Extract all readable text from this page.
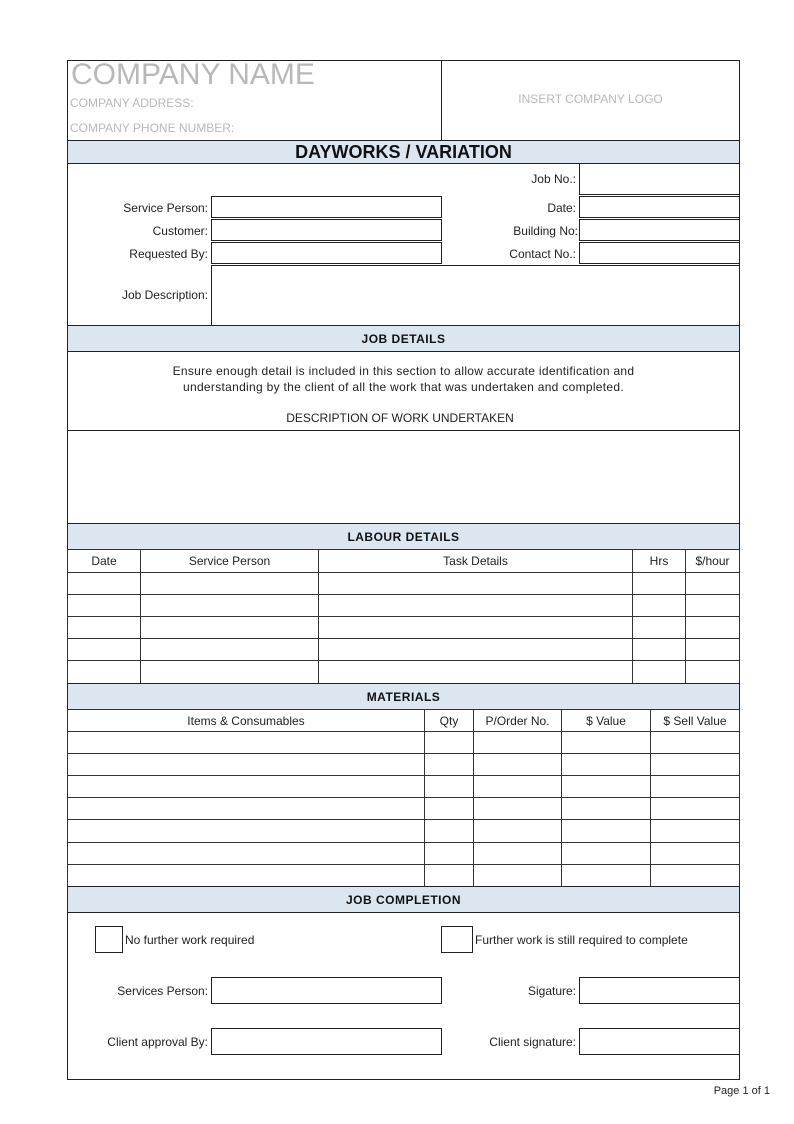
COMPANY NAME
COMPANY ADDRESS:
COMPANY PHONE NUMBER:
INSERT COMPANY LOGO
DAYWORKS / VARIATION
Job No.:
Service Person:
Customer:
Requested By:
Date:
Building No:
Contact No.:
Job Description:
JOB DETAILS
Ensure enough detail is included in this section to allow accurate identification and
understanding by the client of all the work that was undertaken and completed.
DESCRIPTION OF WORK UNDERTAKEN
LABOUR DETAILS
Date	Service Person	Task Details	Hrs	$/hour
MATERIALS
Items & Consumables	Qty	P/Order No.	$ Value	$ Sell Value
JOB COMPLETION
No further work required	Further work is still required to complete
Services Person:	Sigature:
Client approval By:	Client signature:
Page 1 of 1
